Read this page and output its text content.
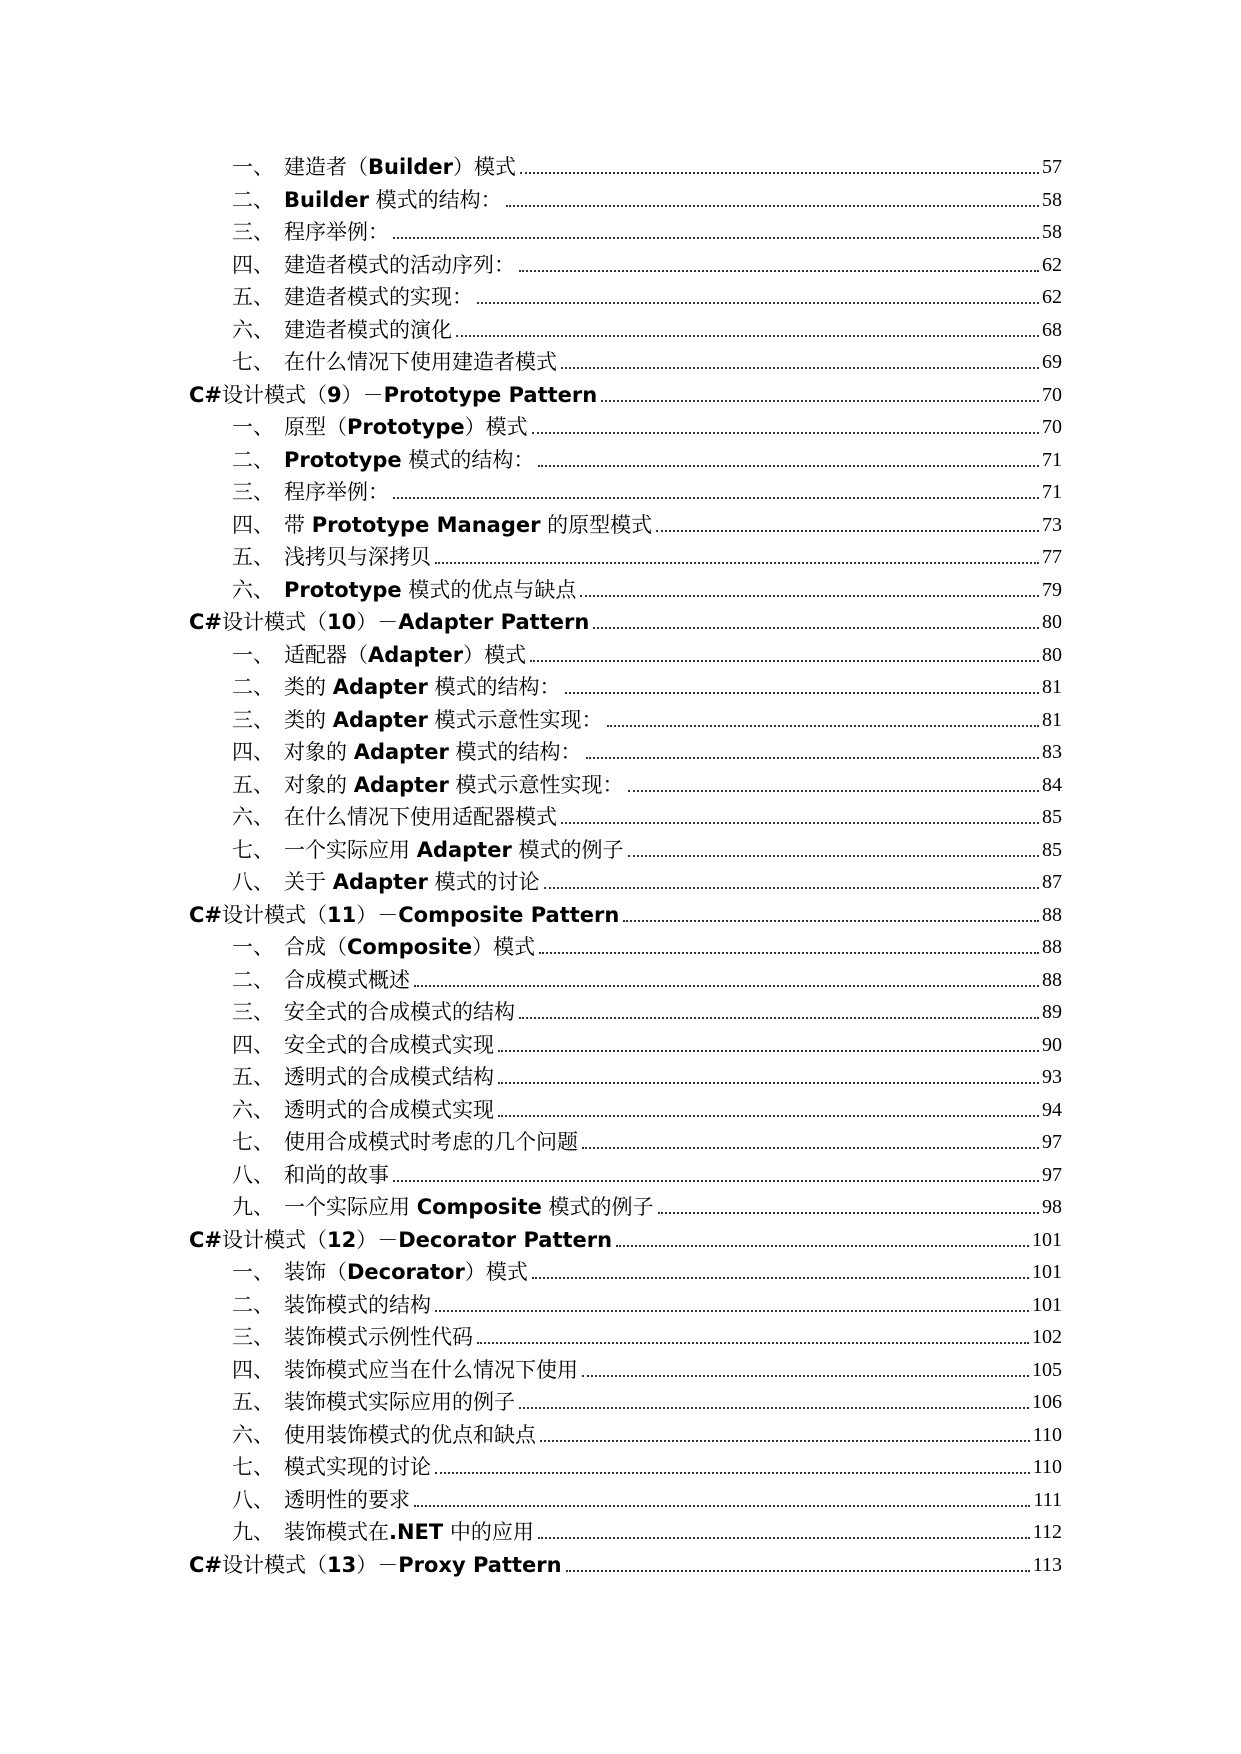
一、 建造者（Builder）模式	57
二、 Builder 模式的结构：	58
三、 程序举例：	58
四、 建造者模式的活动序列：	62
五、 建造者模式的实现：	62
六、 建造者模式的演化	68
七、 在什么情况下使用建造者模式	69
C#设计模式（9）－Prototype Pattern	70
一、 原型（Prototype）模式	70
二、 Prototype 模式的结构：	71
三、 程序举例：	71
四、 带 Prototype Manager 的原型模式	73
五、 浅拷贝与深拷贝	77
六、 Prototype 模式的优点与缺点	79
C#设计模式（10）－Adapter Pattern	80
一、 适配器（Adapter）模式	80
二、 类的 Adapter 模式的结构：	81
三、 类的 Adapter 模式示意性实现：	81
四、 对象的 Adapter 模式的结构：	83
五、 对象的 Adapter 模式示意性实现：	84
六、 在什么情况下使用适配器模式	85
七、 一个实际应用 Adapter 模式的例子	85
八、 关于 Adapter 模式的讨论	87
C#设计模式（11）－Composite Pattern	88
一、 合成（Composite）模式	88
二、 合成模式概述	88
三、 安全式的合成模式的结构	89
四、 安全式的合成模式实现	90
五、 透明式的合成模式结构	93
六、 透明式的合成模式实现	94
七、 使用合成模式时考虑的几个问题	97
八、 和尚的故事	97
九、 一个实际应用 Composite 模式的例子	98
C#设计模式（12）－Decorator Pattern	101
一、 装饰（Decorator）模式	101
二、 装饰模式的结构	101
三、 装饰模式示例性代码	102
四、 装饰模式应当在什么情况下使用	105
五、 装饰模式实际应用的例子	106
六、 使用装饰模式的优点和缺点	110
七、 模式实现的讨论	110
八、 透明性的要求	111
九、 装饰模式在.NET 中的应用	112
C#设计模式（13）－Proxy Pattern	113
